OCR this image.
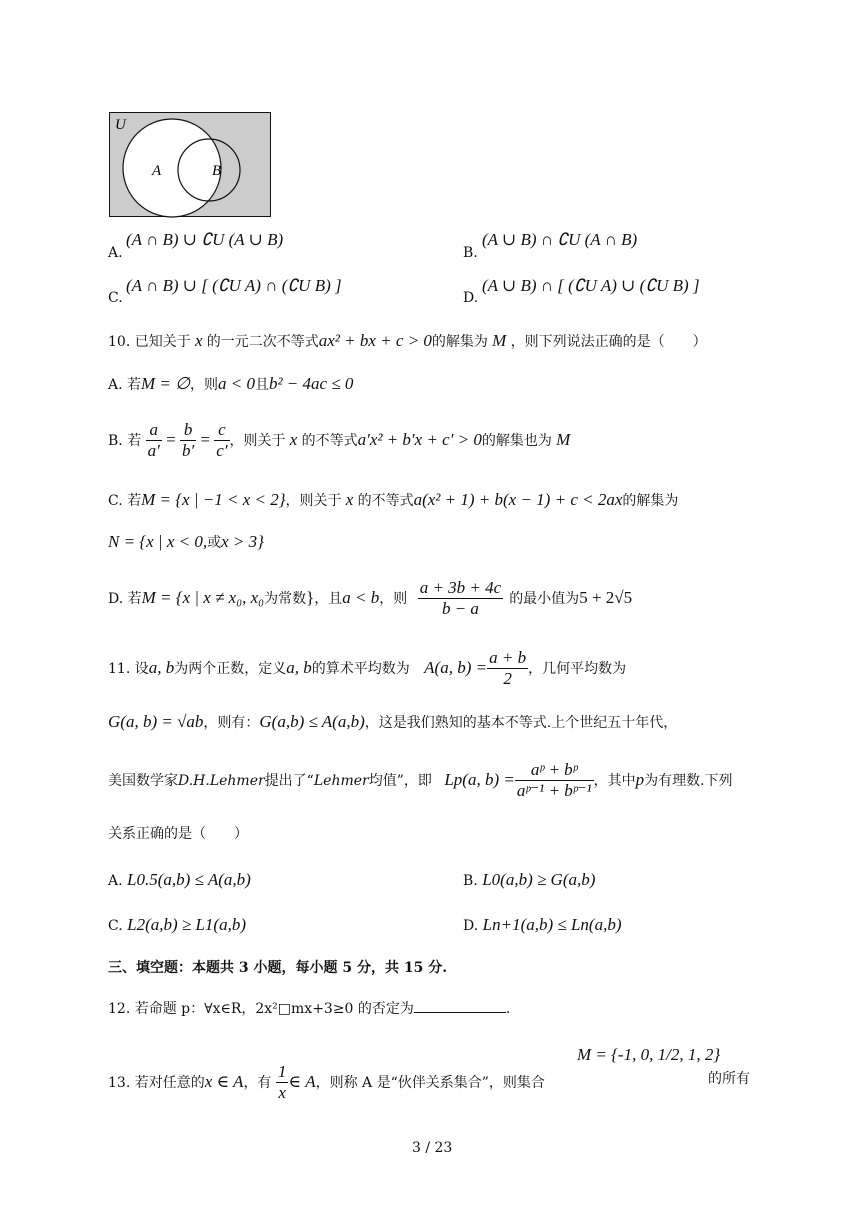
U
A	B
A.
(A ∩ B) ∪ ∁U (A ∪ B)
B.
(A ∪ B) ∩ ∁U (A ∩ B)
C.
(A ∩ B) ∪ [ (∁U A) ∩ (∁U B) ]
D.
(A ∪ B) ∩ [ (∁U A) ∪ (∁U B) ]
10. 已知关于 x 的一元二次不等式ax² + bx + c > 0的解集为 M ，则下列说法正确的是（　　）
A. 若M = ∅，则a < 0且b² − 4ac ≤ 0
B. 若 $\frac{a}{a'} = \frac{b}{b'} = \frac{c}{c'}$ ，则关于 x 的不等式a′x² + b′x + c′ > 0的解集也为 M
C. 若M = {x | −1 < x < 2}，则关于 x 的不等式a(x² + 1) + b(x − 1) + c < 2ax的解集为
N = {x | x < 0,或x > 3}
D. 若M = {x | x ≠ x₀, x₀为常数}，且a < b，则 $\frac{a + 3b + 4c}{b - a}$ 的最小值为5 + 2√5
11. 设a, b为两个正数，定义a, b的算术平均数为 A(a, $b) = \frac{a + b}{2}$ ，几何平均数为
G(a, b) = √ab，则有：G(a,b) ≤ A(a,b)，这是我们熟知的基本不等式.上个世纪五十年代，
美国数学家D.H.Lehmer提出了“Lehmer均值”，即 Lp(a, $b) = \frac{\text{aᵖ + bᵖ}}{\text{aᵖ⁻¹ + bᵖ⁻¹}}$ ，其中p为有理数.下列
关系正确的是（　　）
A. L0.5(a,b) ≤ A(a,b)	B. L0(a,b) ≥ G(a,b)
C. L2(a,b) ≥ L1(a,b)	D. Ln+1(a,b) ≤ Ln(a,b)
三、填空题：本题共 3 小题，每小题 5 分，共 15 分.
12. 若命题 p：∀x∈R，2x²□mx+3≥0 的否定为	.
13. 若对任意的x ∈ A，有 $\frac{1}{x}$ ∈ A，则称 A 是“伙伴关系集合”，则集合
M = {-1, 0, 1/2, 1, 2}
的所有
3 / 23
